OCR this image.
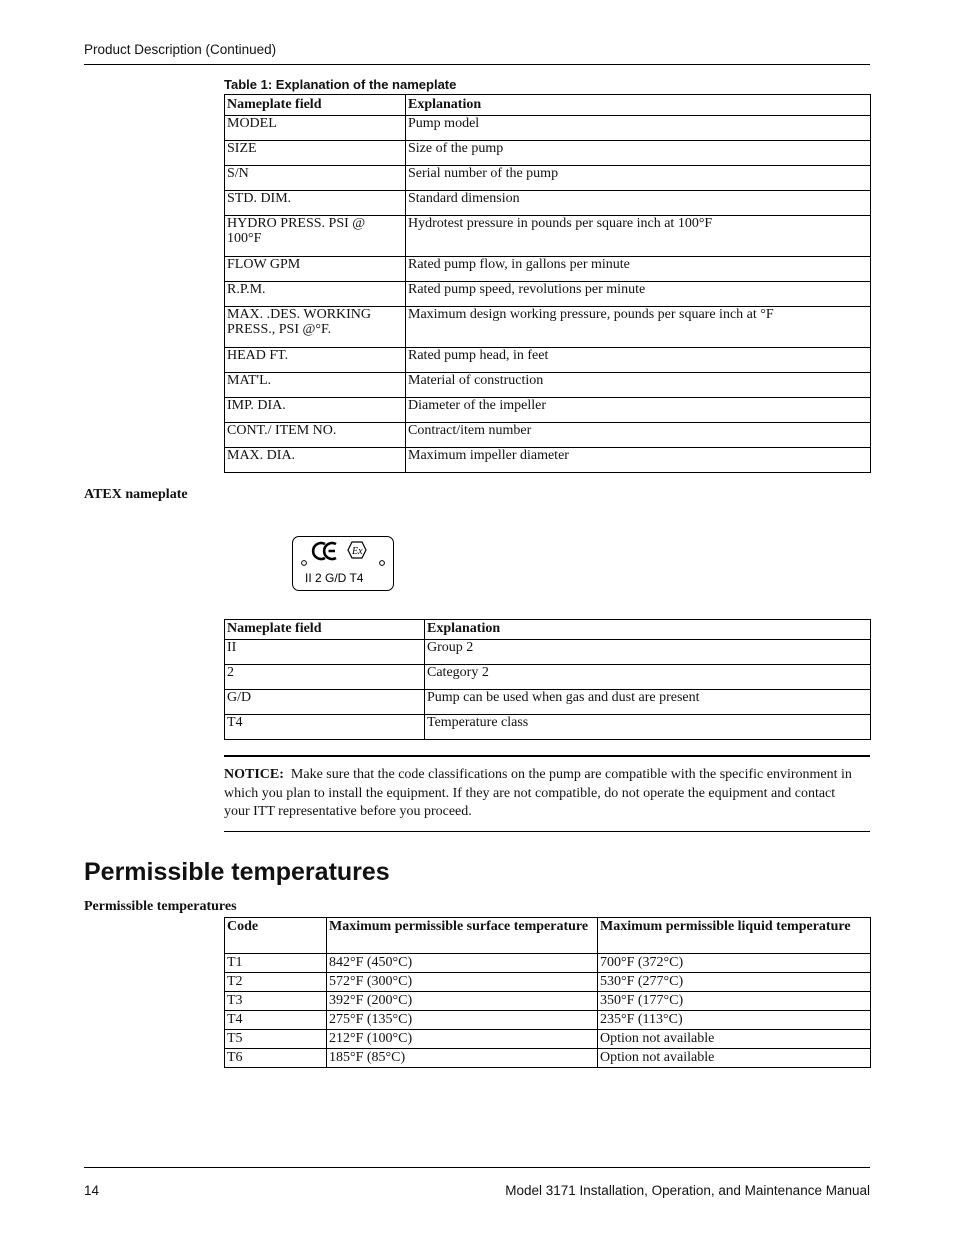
Product Description (Continued)
Table 1: Explanation of the nameplate
Nameplate field	Explanation
MODEL	Pump model
SIZE	Size of the pump
S/N	Serial number of the pump
STD. DIM.	Standard dimension
HYDRO PRESS. PSI @ 100°F	Hydrotest pressure in pounds per square inch at 100°F
FLOW GPM	Rated pump flow, in gallons per minute
R.P.M.	Rated pump speed, revolutions per minute
MAX. .DES. WORKING PRESS., PSI @°F.	Maximum design working pressure, pounds per square inch at °F
HEAD FT.	Rated pump head, in feet
MAT'L.	Material of construction
IMP. DIA.	Diameter of the impeller
CONT./ ITEM NO.	Contract/item number
MAX. DIA.	Maximum impeller diameter
ATEX nameplate
Ex
II 2 G/D T4
Nameplate field	Explanation
II	Group 2
2	Category 2
G/D	Pump can be used when gas and dust are present
T4	Temperature class
NOTICE: Make sure that the code classifications on the pump are compatible with the specific environment in which you plan to install the equipment. If they are not compatible, do not operate the equipment and contact your ITT representative before you proceed.
Permissible temperatures
Permissible temperatures
Code	Maximum permissible surface temperature	Maximum permissible liquid temperature
T1	842°F (450°C)	700°F (372°C)
T2	572°F (300°C)	530°F (277°C)
T3	392°F (200°C)	350°F (177°C)
T4	275°F (135°C)	235°F (113°C)
T5	212°F (100°C)	Option not available
T6	185°F (85°C)	Option not available
14	Model 3171 Installation, Operation, and Maintenance Manual
